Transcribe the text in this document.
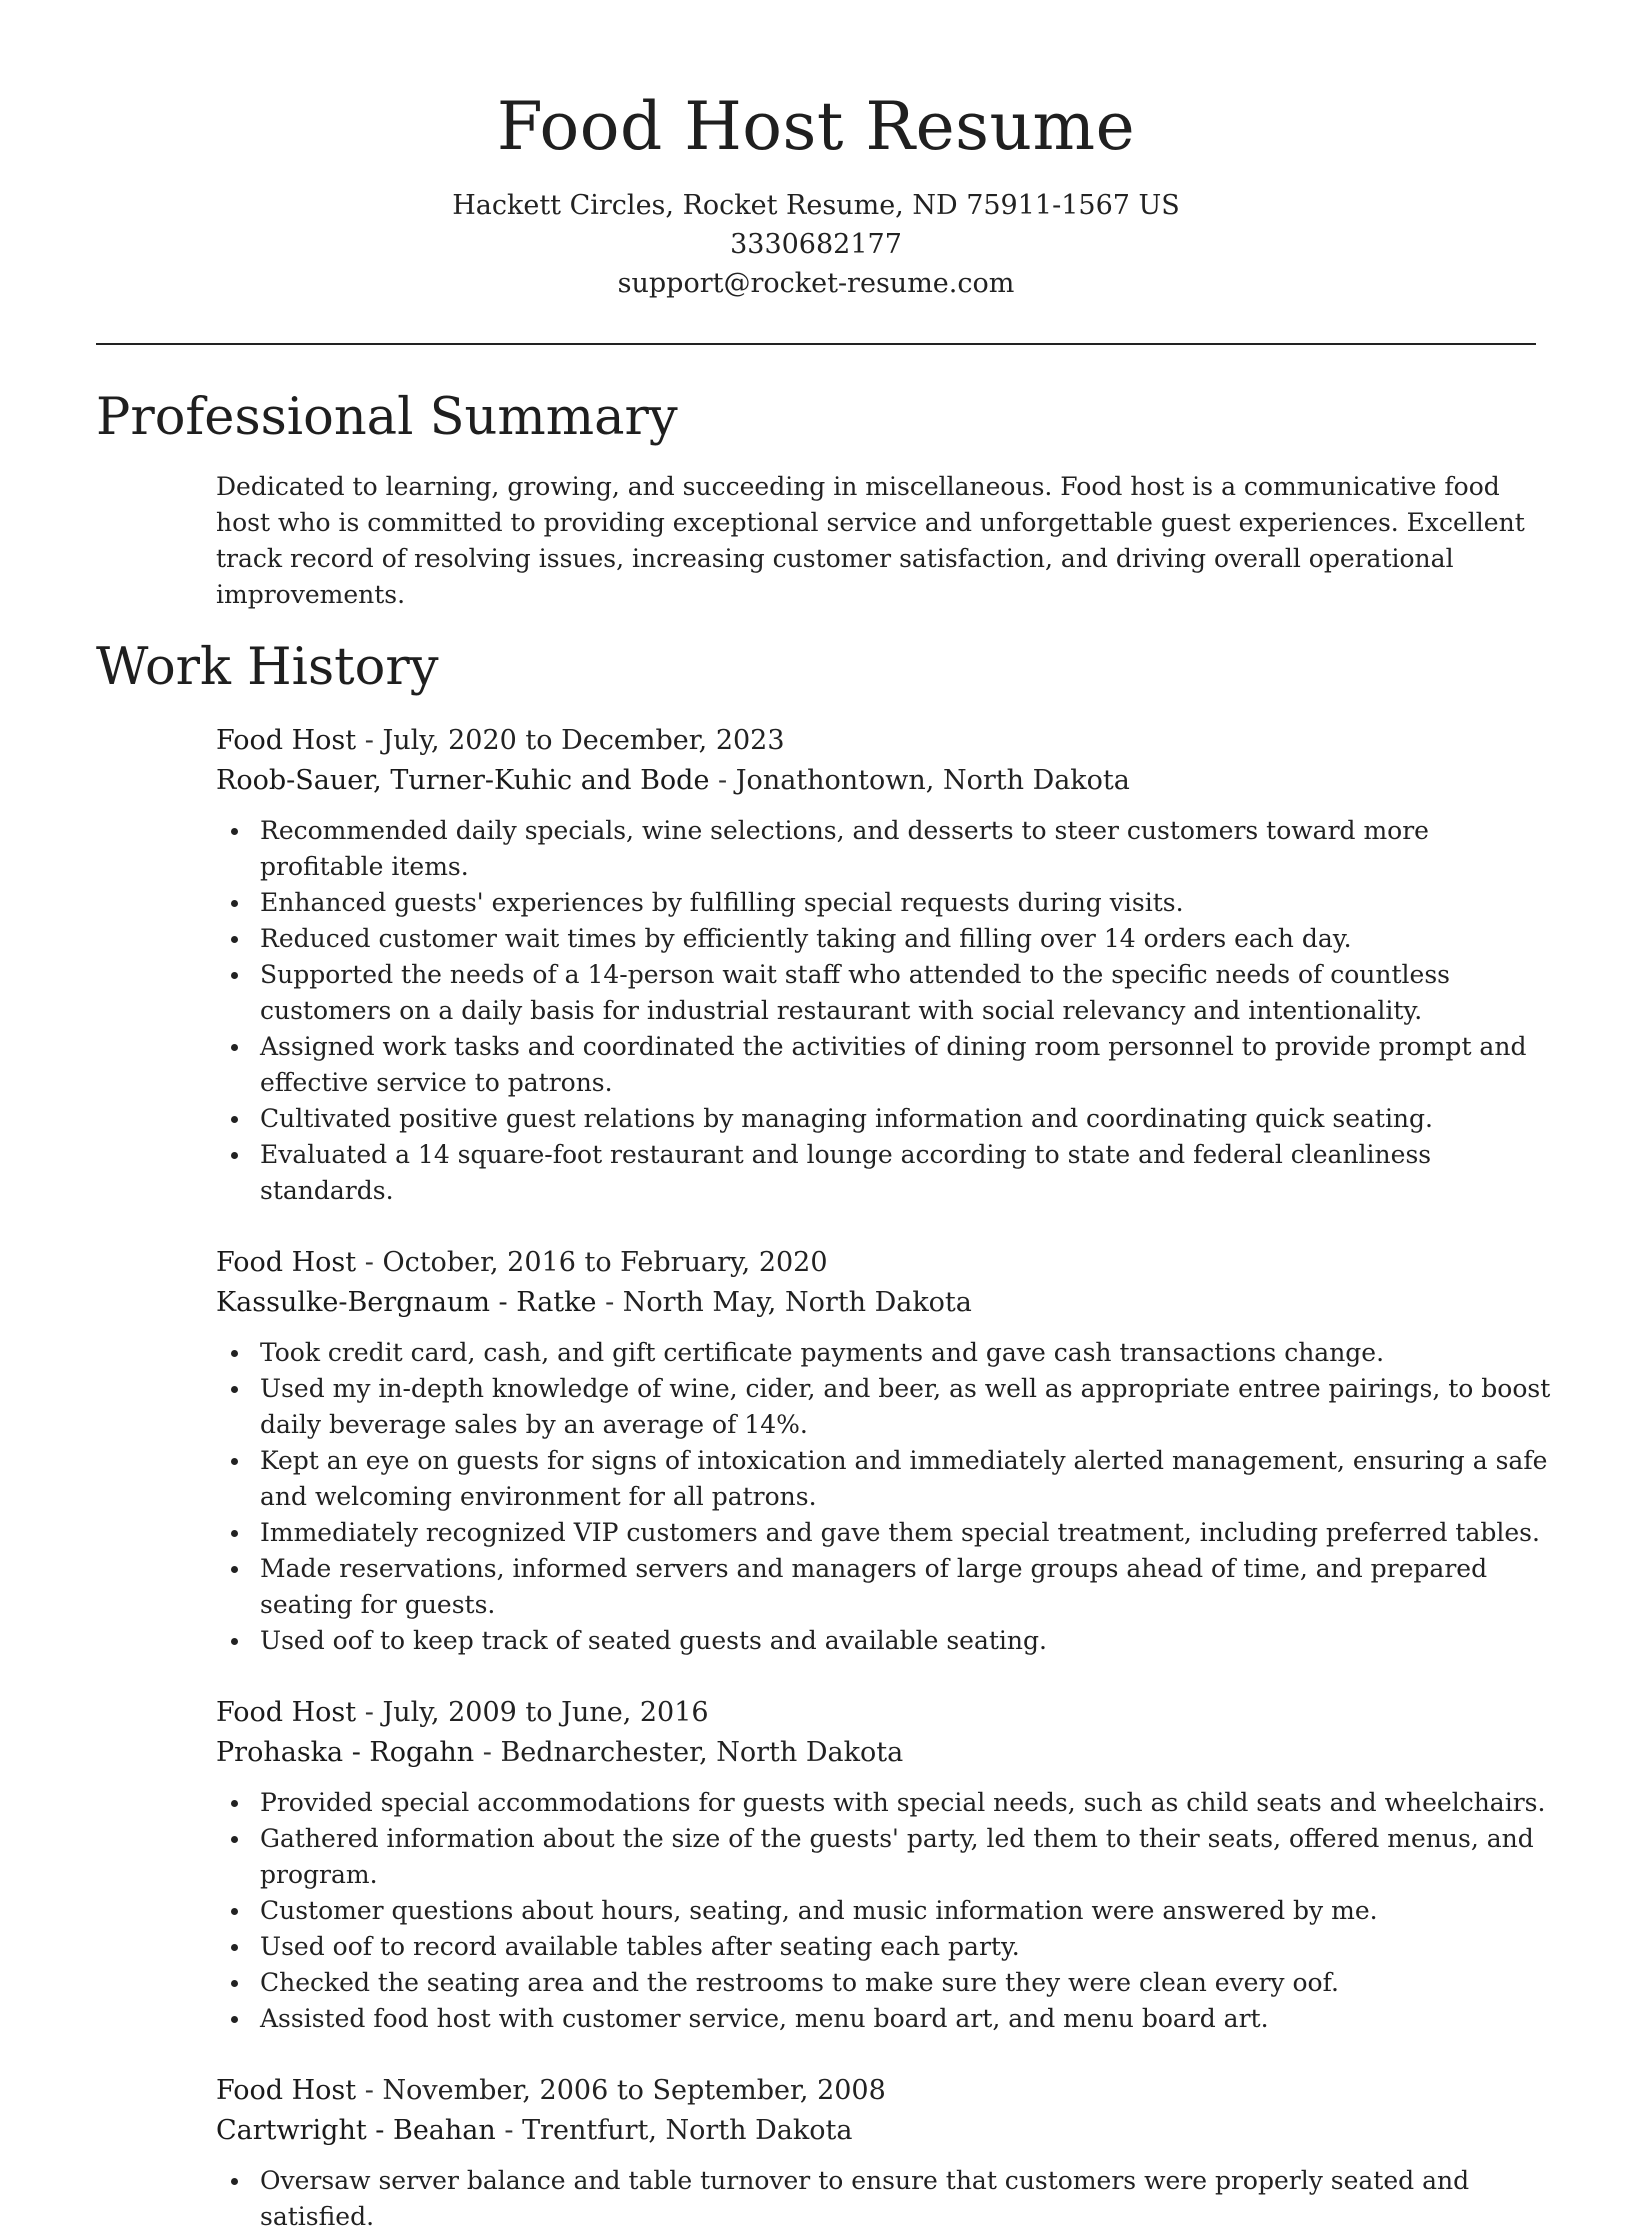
Food Host Resume
Hackett Circles, Rocket Resume, ND 75911-1567 US
3330682177
support@rocket-resume.com
Professional Summary

Dedicated to learning, growing, and succeeding in miscellaneous. Food host is a communicative food host who is committed to providing exceptional service and unforgettable guest experiences. Excellent track record of resolving issues, increasing customer satisfaction, and driving overall operational improvements.

Work History
Food Host - July, 2020 to December, 2023
Roob-Sauer, Turner-Kuhic and Bode - Jonathontown, North Dakota
Recommended daily specials, wine selections, and desserts to steer customers toward more profitable items.
Enhanced guests' experiences by fulfilling special requests during visits.
Reduced customer wait times by efficiently taking and filling over 14 orders each day.
Supported the needs of a 14-person wait staff who attended to the specific needs of countless customers on a daily basis for industrial restaurant with social relevancy and intentionality.
Assigned work tasks and coordinated the activities of dining room personnel to provide prompt and effective service to patrons.
Cultivated positive guest relations by managing information and coordinating quick seating.
Evaluated a 14 square-foot restaurant and lounge according to state and federal cleanliness standards.
Food Host - October, 2016 to February, 2020
Kassulke-Bergnaum - Ratke - North May, North Dakota
Took credit card, cash, and gift certificate payments and gave cash transactions change.
Used my in-depth knowledge of wine, cider, and beer, as well as appropriate entree pairings, to boost daily beverage sales by an average of 14%.
Kept an eye on guests for signs of intoxication and immediately alerted management, ensuring a safe and welcoming environment for all patrons.
Immediately recognized VIP customers and gave them special treatment, including preferred tables.
Made reservations, informed servers and managers of large groups ahead of time, and prepared seating for guests.
Used oof to keep track of seated guests and available seating.
Food Host - July, 2009 to June, 2016
Prohaska - Rogahn - Bednarchester, North Dakota
Provided special accommodations for guests with special needs, such as child seats and wheelchairs.
Gathered information about the size of the guests' party, led them to their seats, offered menus, and program.
Customer questions about hours, seating, and music information were answered by me.
Used oof to record available tables after seating each party.
Checked the seating area and the restrooms to make sure they were clean every oof.
Assisted food host with customer service, menu board art, and menu board art.
Food Host - November, 2006 to September, 2008
Cartwright - Beahan - Trentfurt, North Dakota
Oversaw server balance and table turnover to ensure that customers were properly seated and satisfied.
